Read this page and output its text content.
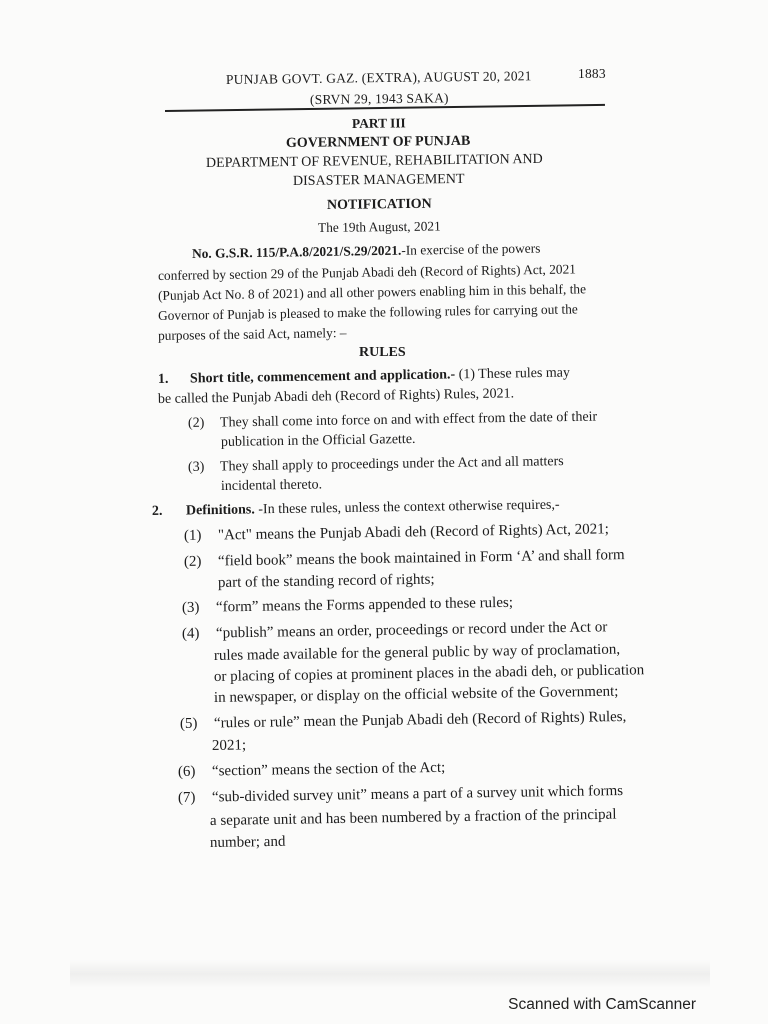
PUNJAB GOVT. GAZ. (EXTRA), AUGUST 20, 2021	1883
(SRVN 29, 1943 SAKA)
PART III
GOVERNMENT OF PUNJAB
DEPARTMENT OF REVENUE, REHABILITATION AND
DISASTER MANAGEMENT
NOTIFICATION
The 19th August, 2021
No. G.S.R. 115/P.A.8/2021/S.29/2021.-In exercise of the powers
conferred by section 29 of the Punjab Abadi deh (Record of Rights) Act, 2021
(Punjab Act No. 8 of 2021) and all other powers enabling him in this behalf, the
Governor of Punjab is pleased to make the following rules for carrying out the
purposes of the said Act, namely: –
RULES
1. Short title, commencement and application.- (1) These rules may
be called the Punjab Abadi deh (Record of Rights) Rules, 2021.
(2) They shall come into force on and with effect from the date of their
publication in the Official Gazette.
(3) They shall apply to proceedings under the Act and all matters
incidental thereto.
2. Definitions. -In these rules, unless the context otherwise requires,-
(1) "Act" means the Punjab Abadi deh (Record of Rights) Act, 2021;
(2) “field book” means the book maintained in Form ‘A’ and shall form
part of the standing record of rights;
(3) “form” means the Forms appended to these rules;
(4) “publish” means an order, proceedings or record under the Act or
rules made available for the general public by way of proclamation,
or placing of copies at prominent places in the abadi deh, or publication
in newspaper, or display on the official website of the Government;
(5) “rules or rule” mean the Punjab Abadi deh (Record of Rights) Rules,
2021;
(6) “section” means the section of the Act;
(7) “sub-divided survey unit” means a part of a survey unit which forms
a separate unit and has been numbered by a fraction of the principal
number; and
Scanned with CamScanner
